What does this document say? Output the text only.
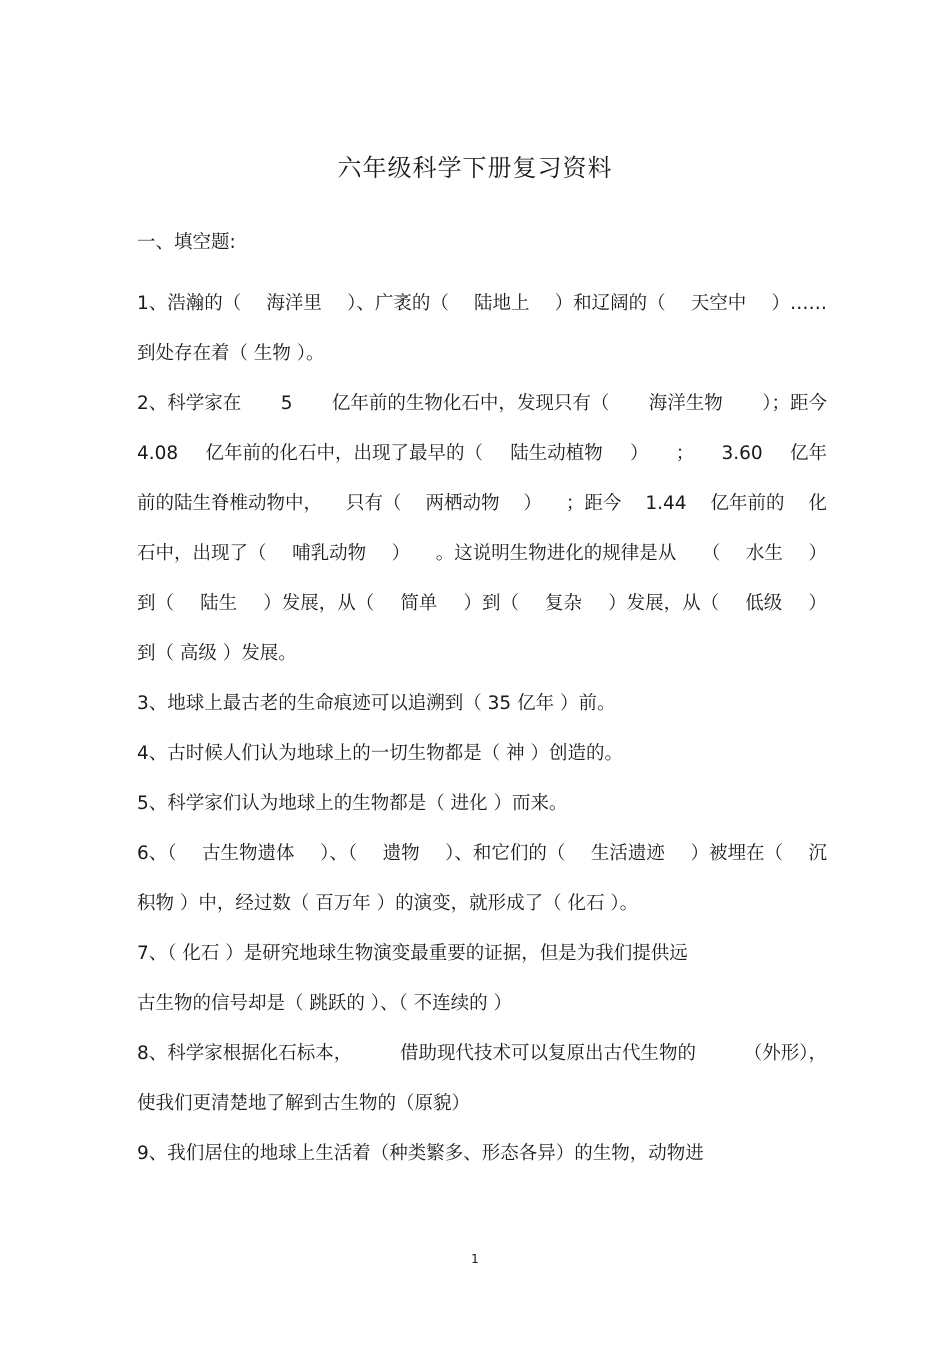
六年级科学下册复习资料
一、填空题:
1、浩瀚的（ 海洋里 ）、广袤的（ 陆地上 ）和辽阔的（ 天空中 ）……
到处存在着（ 生物 ）。
2、科学家在 5 亿年前的生物化石中，发现只有（ 海洋生物 ）；距今
4.08 亿年前的化石中，出现了最早的（ 陆生动植物 ） ； 3.60 亿年
前的陆生脊椎动物中， 只有（ 两栖动物 ） ；距今 1.44 亿年前的 化
石中，出现了（ 哺乳动物 ） 。这说明生物进化的规律是从 （ 水生 ）
到（ 陆生 ）发展，从（ 简单 ）到（ 复杂 ）发展，从（ 低级 ）
到（ 高级 ）发展。
3、地球上最古老的生命痕迹可以追溯到（ 35 亿年 ）前。
4、古时候人们认为地球上的一切生物都是（ 神 ）创造的。
5、科学家们认为地球上的生物都是（ 进化 ）而来。
6、（ 古生物遗体 ）、（ 遗物 ）、和它们的（ 生活遗迹 ）被埋在（ 沉
积物 ）中，经过数（ 百万年 ）的演变，就形成了（ 化石 ）。
7、（ 化石 ）是研究地球生物演变最重要的证据，但是为我们提供远
古生物的信号却是（ 跳跃的 ）、（ 不连续的 ）
8、科学家根据化石标本，	借助现代技术可以复原出古代生物的	（外形），
使我们更清楚地了解到古生物的（原貌）
9、我们居住的地球上生活着（种类繁多、形态各异）的生物，动物进
1
